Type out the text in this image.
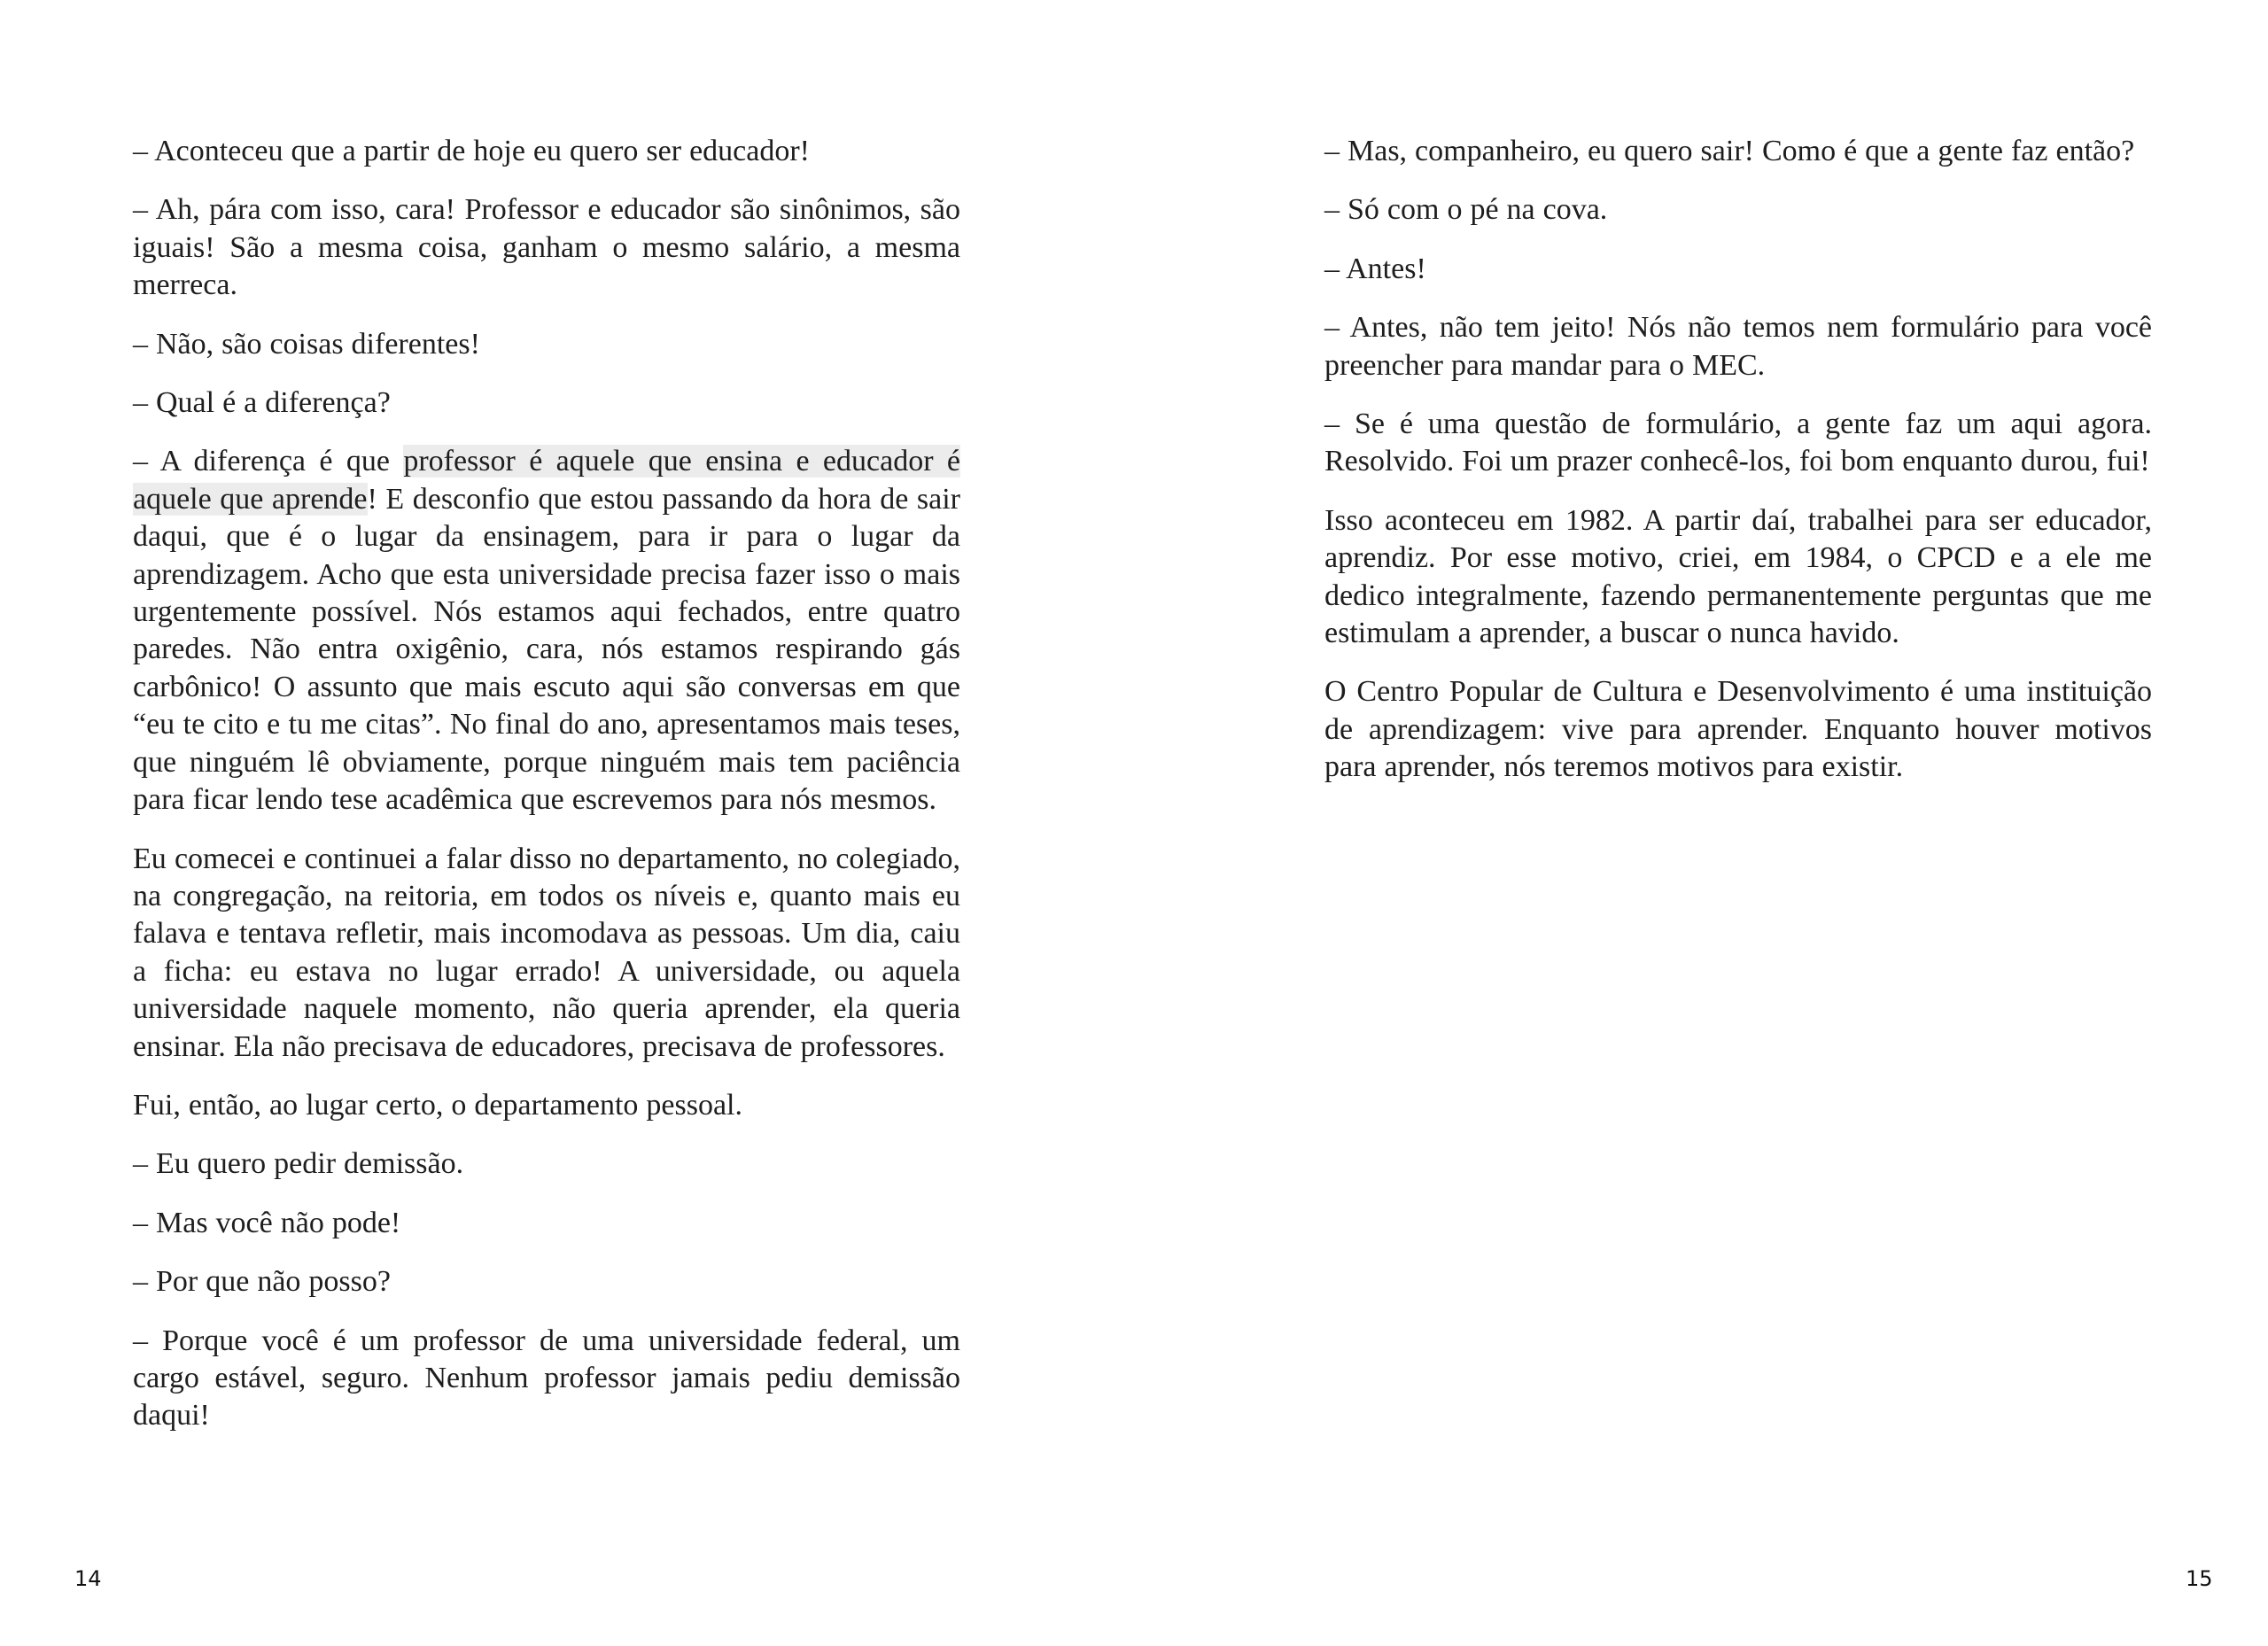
– Aconteceu que a partir de hoje eu quero ser educador!

– Ah, pára com isso, cara! Professor e educador são sinônimos, são iguais! São a mesma coisa, ganham o mesmo salário, a mesma merreca.

– Não, são coisas diferentes!

– Qual é a diferença?

– A diferença é que professor é aquele que ensina e educador é aquele que aprende! E desconfio que estou passando da hora de sair daqui, que é o lugar da ensinagem, para ir para o lugar da aprendizagem. Acho que esta universidade precisa fazer isso o mais urgentemente possível. Nós estamos aqui fechados, entre quatro paredes. Não entra oxigênio, cara, nós estamos respirando gás carbônico! O assunto que mais escuto aqui são conversas em que “eu te cito e tu me citas”. No final do ano, apresentamos mais teses, que ninguém lê obviamente, porque ninguém mais tem paciência para ficar lendo tese acadêmica que escrevemos para nós mesmos.

Eu comecei e continuei a falar disso no departamento, no colegiado, na congregação, na reitoria, em todos os níveis e, quanto mais eu falava e tentava refletir, mais incomodava as pessoas. Um dia, caiu a ficha: eu estava no lugar errado! A universidade, ou aquela universidade naquele momento, não queria aprender, ela queria ensinar. Ela não precisava de educadores, precisava de professores.

Fui, então, ao lugar certo, o departamento pessoal.

– Eu quero pedir demissão.

– Mas você não pode!

– Por que não posso?

– Porque você é um professor de uma universidade federal, um cargo estável, seguro. Nenhum professor jamais pediu demissão daqui!

14

– Mas, companheiro, eu quero sair! Como é que a gente faz então?

– Só com o pé na cova.

– Antes!

– Antes, não tem jeito! Nós não temos nem formulário para você preencher para mandar para o MEC.

– Se é uma questão de formulário, a gente faz um aqui agora. Resolvido. Foi um prazer conhecê-los, foi bom enquanto durou, fui!

Isso aconteceu em 1982. A partir daí, trabalhei para ser educador, aprendiz. Por esse motivo, criei, em 1984, o CPCD e a ele me dedico integralmente, fazendo permanentemente perguntas que me estimulam a aprender, a buscar o nunca havido.

O Centro Popular de Cultura e Desenvolvimento é uma instituição de aprendizagem: vive para aprender. Enquanto houver motivos para aprender, nós teremos motivos para existir.

15
